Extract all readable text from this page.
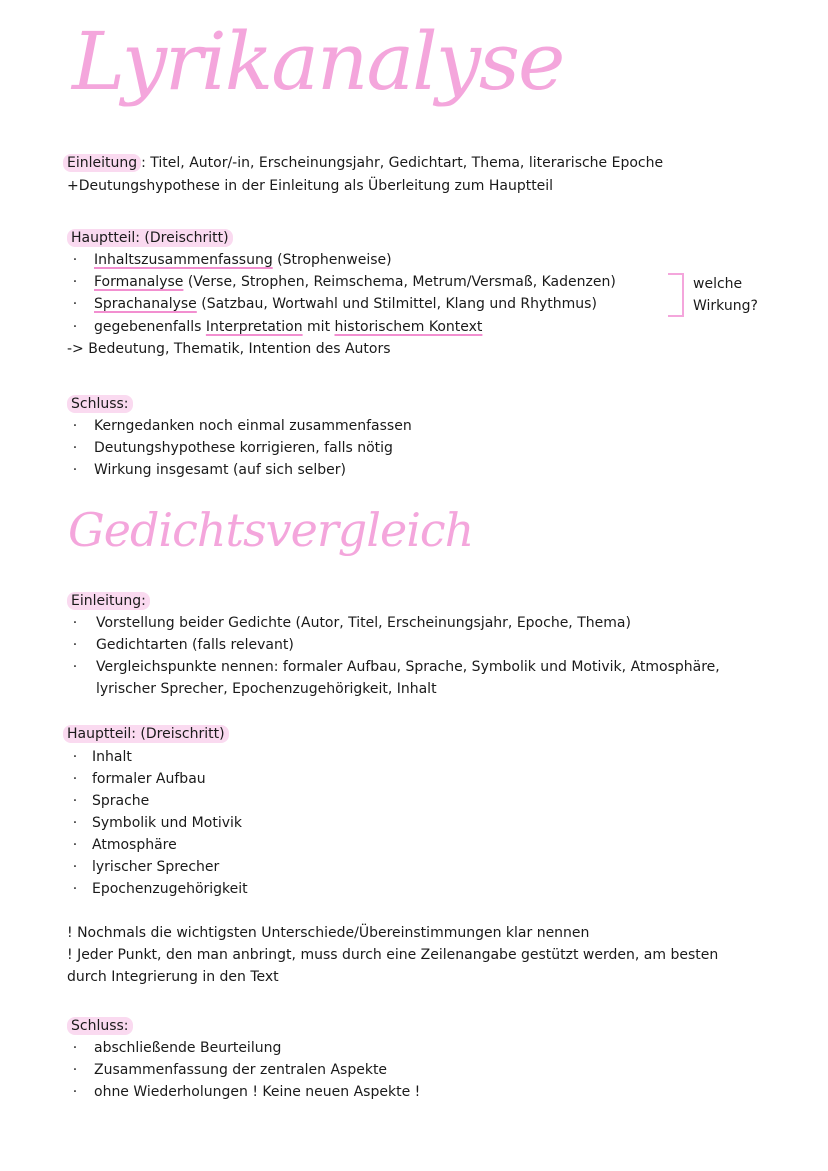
Lyrikanalyse
Einleitung : Titel, Autor/-in, Erscheinungsjahr, Gedichtart, Thema, literarische Epoche
+Deutungshypothese in der Einleitung als Überleitung zum Hauptteil
Hauptteil: (Dreischritt)
· Inhaltszusammenfassung (Strophenweise)
· Formanalyse (Verse, Strophen, Reimschema, Metrum/Versmaß, Kadenzen)
· Sprachanalyse (Satzbau, Wortwahl und Stilmittel, Klang und Rhythmus)
· gegebenenfalls Interpretation mit historischem Kontext
-> Bedeutung, Thematik, Intention des Autors
welche
Wirkung?
Schluss:
· Kerngedanken noch einmal zusammenfassen
· Deutungshypothese korrigieren, falls nötig
· Wirkung insgesamt (auf sich selber)
Gedichtsvergleich
Einleitung:
· Vorstellung beider Gedichte (Autor, Titel, Erscheinungsjahr, Epoche, Thema)
· Gedichtarten (falls relevant)
· Vergleichspunkte nennen: formaler Aufbau, Sprache, Symbolik und Motivik, Atmosphäre,
lyrischer Sprecher, Epochenzugehörigkeit, Inhalt
Hauptteil: (Dreischritt)
· Inhalt
· formaler Aufbau
· Sprache
· Symbolik und Motivik
· Atmosphäre
· lyrischer Sprecher
· Epochenzugehörigkeit
! Nochmals die wichtigsten Unterschiede/Übereinstimmungen klar nennen
! Jeder Punkt, den man anbringt, muss durch eine Zeilenangabe gestützt werden, am besten
durch Integrierung in den Text
Schluss:
· abschließende Beurteilung
· Zusammenfassung der zentralen Aspekte
· ohne Wiederholungen ! Keine neuen Aspekte !
